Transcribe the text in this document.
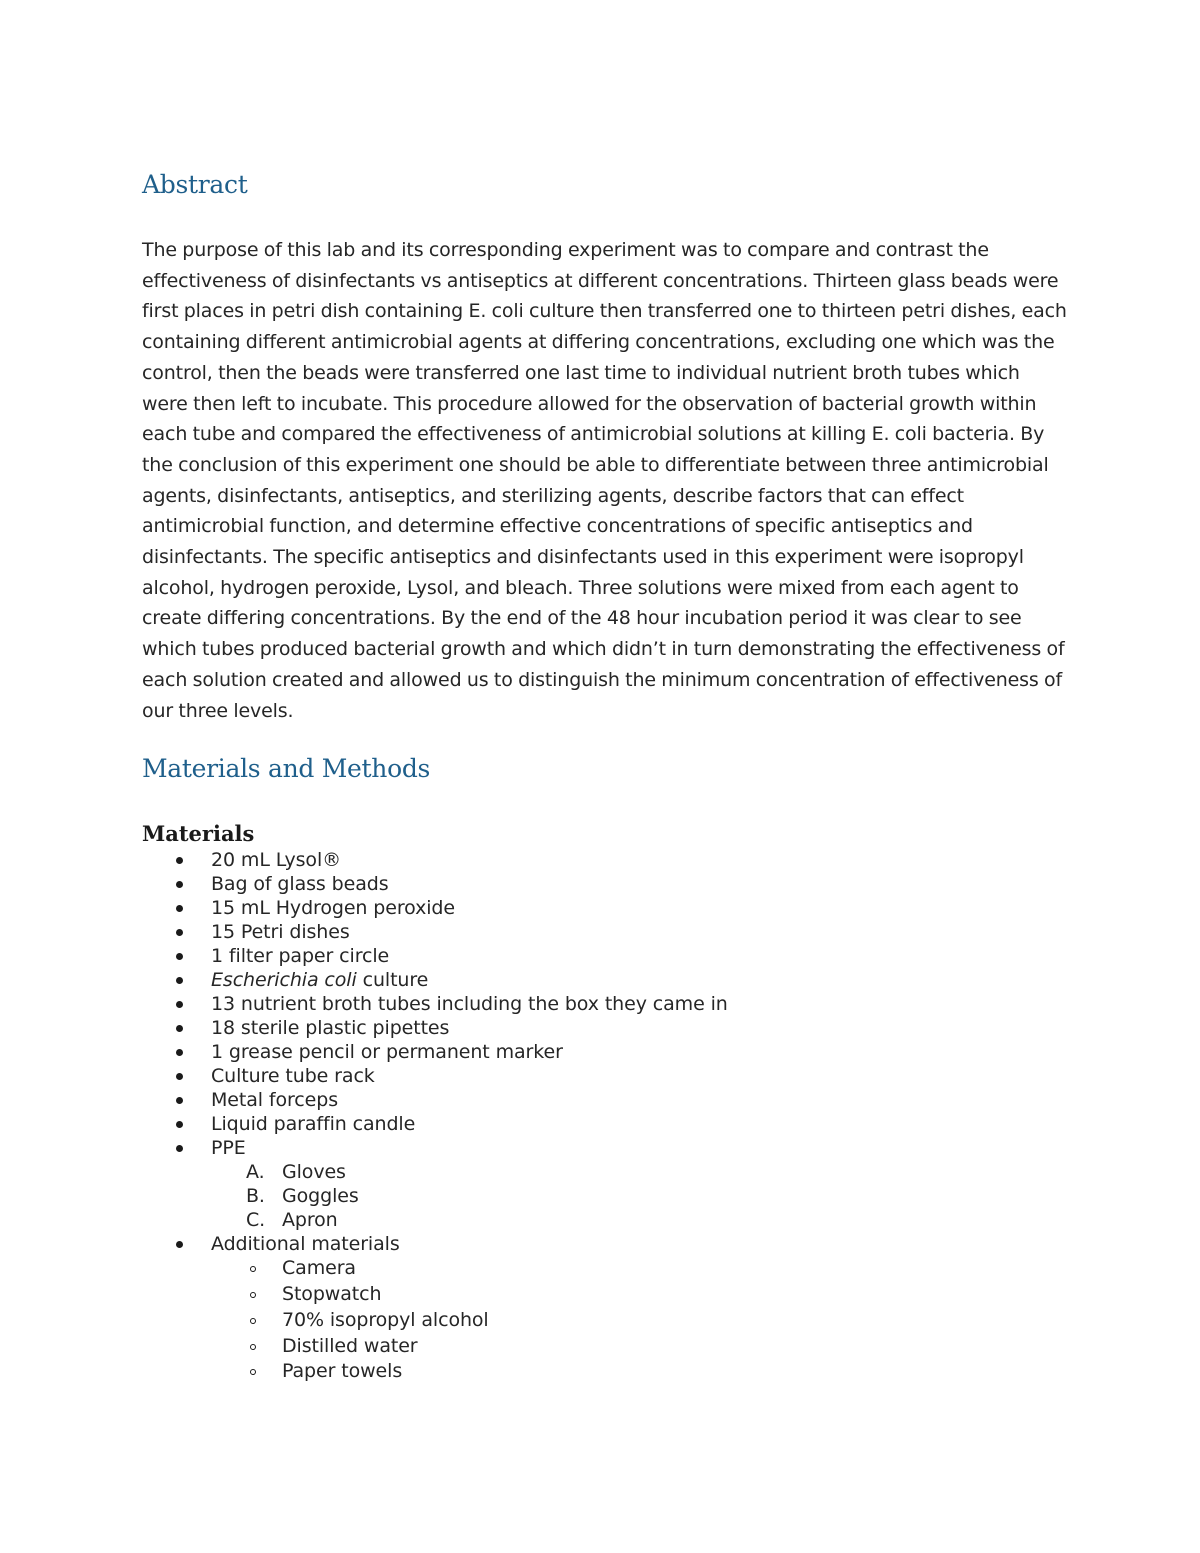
Abstract

The purpose of this lab and its corresponding experiment was to compare and contrast the effectiveness of disinfectants vs antiseptics at different concentrations. Thirteen glass beads were first places in petri dish containing E. coli culture then transferred one to thirteen petri dishes, each containing different antimicrobial agents at differing concentrations, excluding one which was the control, then the beads were transferred one last time to individual nutrient broth tubes which were then left to incubate. This procedure allowed for the observation of bacterial growth within each tube and compared the effectiveness of antimicrobial solutions at killing E. coli bacteria. By the conclusion of this experiment one should be able to differentiate between three antimicrobial agents, disinfectants, antiseptics, and sterilizing agents, describe factors that can effect antimicrobial function, and determine effective concentrations of specific antiseptics and disinfectants. The specific antiseptics and disinfectants used in this experiment were isopropyl alcohol, hydrogen peroxide, Lysol, and bleach. Three solutions were mixed from each agent to create differing concentrations. By the end of the 48 hour incubation period it was clear to see which tubes produced bacterial growth and which didn’t in turn demonstrating the effectiveness of each solution created and allowed us to distinguish the minimum concentration of effectiveness of our three levels.

Materials and Methods
Materials
20 mL Lysol®
Bag of glass beads
15 mL Hydrogen peroxide
15 Petri dishes
1 filter paper circle
Escherichia coli culture
13 nutrient broth tubes including the box they came in
18 sterile plastic pipettes
1 grease pencil or permanent marker
Culture tube rack
Metal forceps
Liquid paraffin candle
PPE
A. Gloves
B. Goggles
C. Apron
Additional materials
Camera
Stopwatch
70% isopropyl alcohol
Distilled water
Paper towels
